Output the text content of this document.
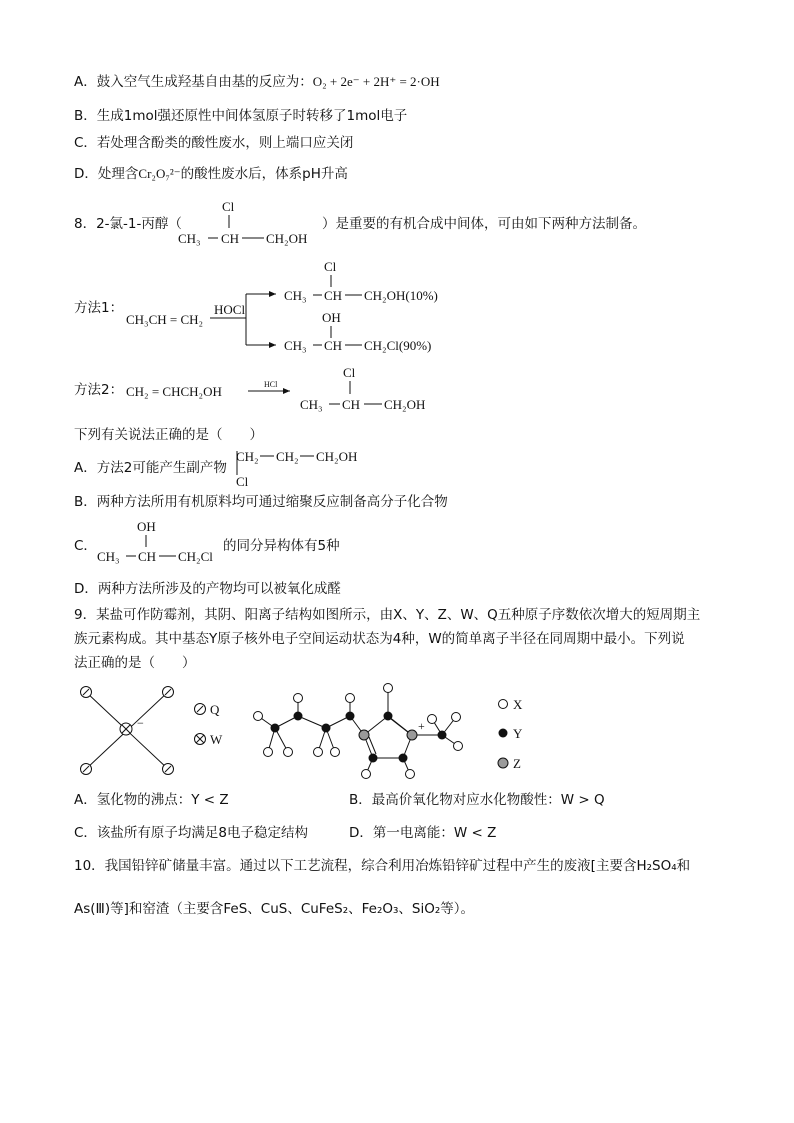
A．鼓入空气生成羟基自由基的反应为：O₂ + 2e⁻ + 2H⁺ = 2·OH
B．生成1mol强还原性中间体氢原子时转移了1mol电子
C．若处理含酚类的酸性废水，则上端口应关闭
D．处理含Cr₂O₇²⁻的酸性废水后，体系pH升高
8．2-氯-1-丙醇（
Cl
CH₃ CH CH₂OH
）是重要的有机合成中间体，可由如下两种方法制备。
方法1：
CH₃CH = CH₂
HOCl
Cl
CH₃ CH CH₂OH(10%)
OH
CH₃ CH CH₂Cl(90%)
方法2： CH₂ = CHCH₂OH	HCl
Cl
CH₃ CH CH₂OH
下列有关说法正确的是（　　）
A．方法2可能产生副产物
CH₂ CH₂ CH₂OH
Cl
B．两种方法所用有机原料均可通过缩聚反应制备高分子化合物
C．
OH
CH₃ CH CH₂Cl
的同分异构体有5种
D．两种方法所涉及的产物均可以被氧化成醛
9．某盐可作防霉剂，其阴、阳离子结构如图所示，由X、Y、Z、W、Q五种原子序数依次增大的短周期主
族元素构成。其中基态Y原子核外电子空间运动状态为4种，W的简单离子半径在同周期中最小。下列说
法正确的是（　　）
−
Q
W
+
X
Y
Z
A．氢化物的沸点：Y < Z	B．最高价氧化物对应水化物酸性：W > Q
C．该盐所有原子均满足8电子稳定结构	D．第一电离能：W < Z
10．我国铅锌矿储量丰富。通过以下工艺流程，综合利用冶炼铅锌矿过程中产生的废液[主要含H₂SO₄和
As(Ⅲ)等]和窑渣（主要含FeS、CuS、CuFeS₂、Fe₂O₃、SiO₂等）。
